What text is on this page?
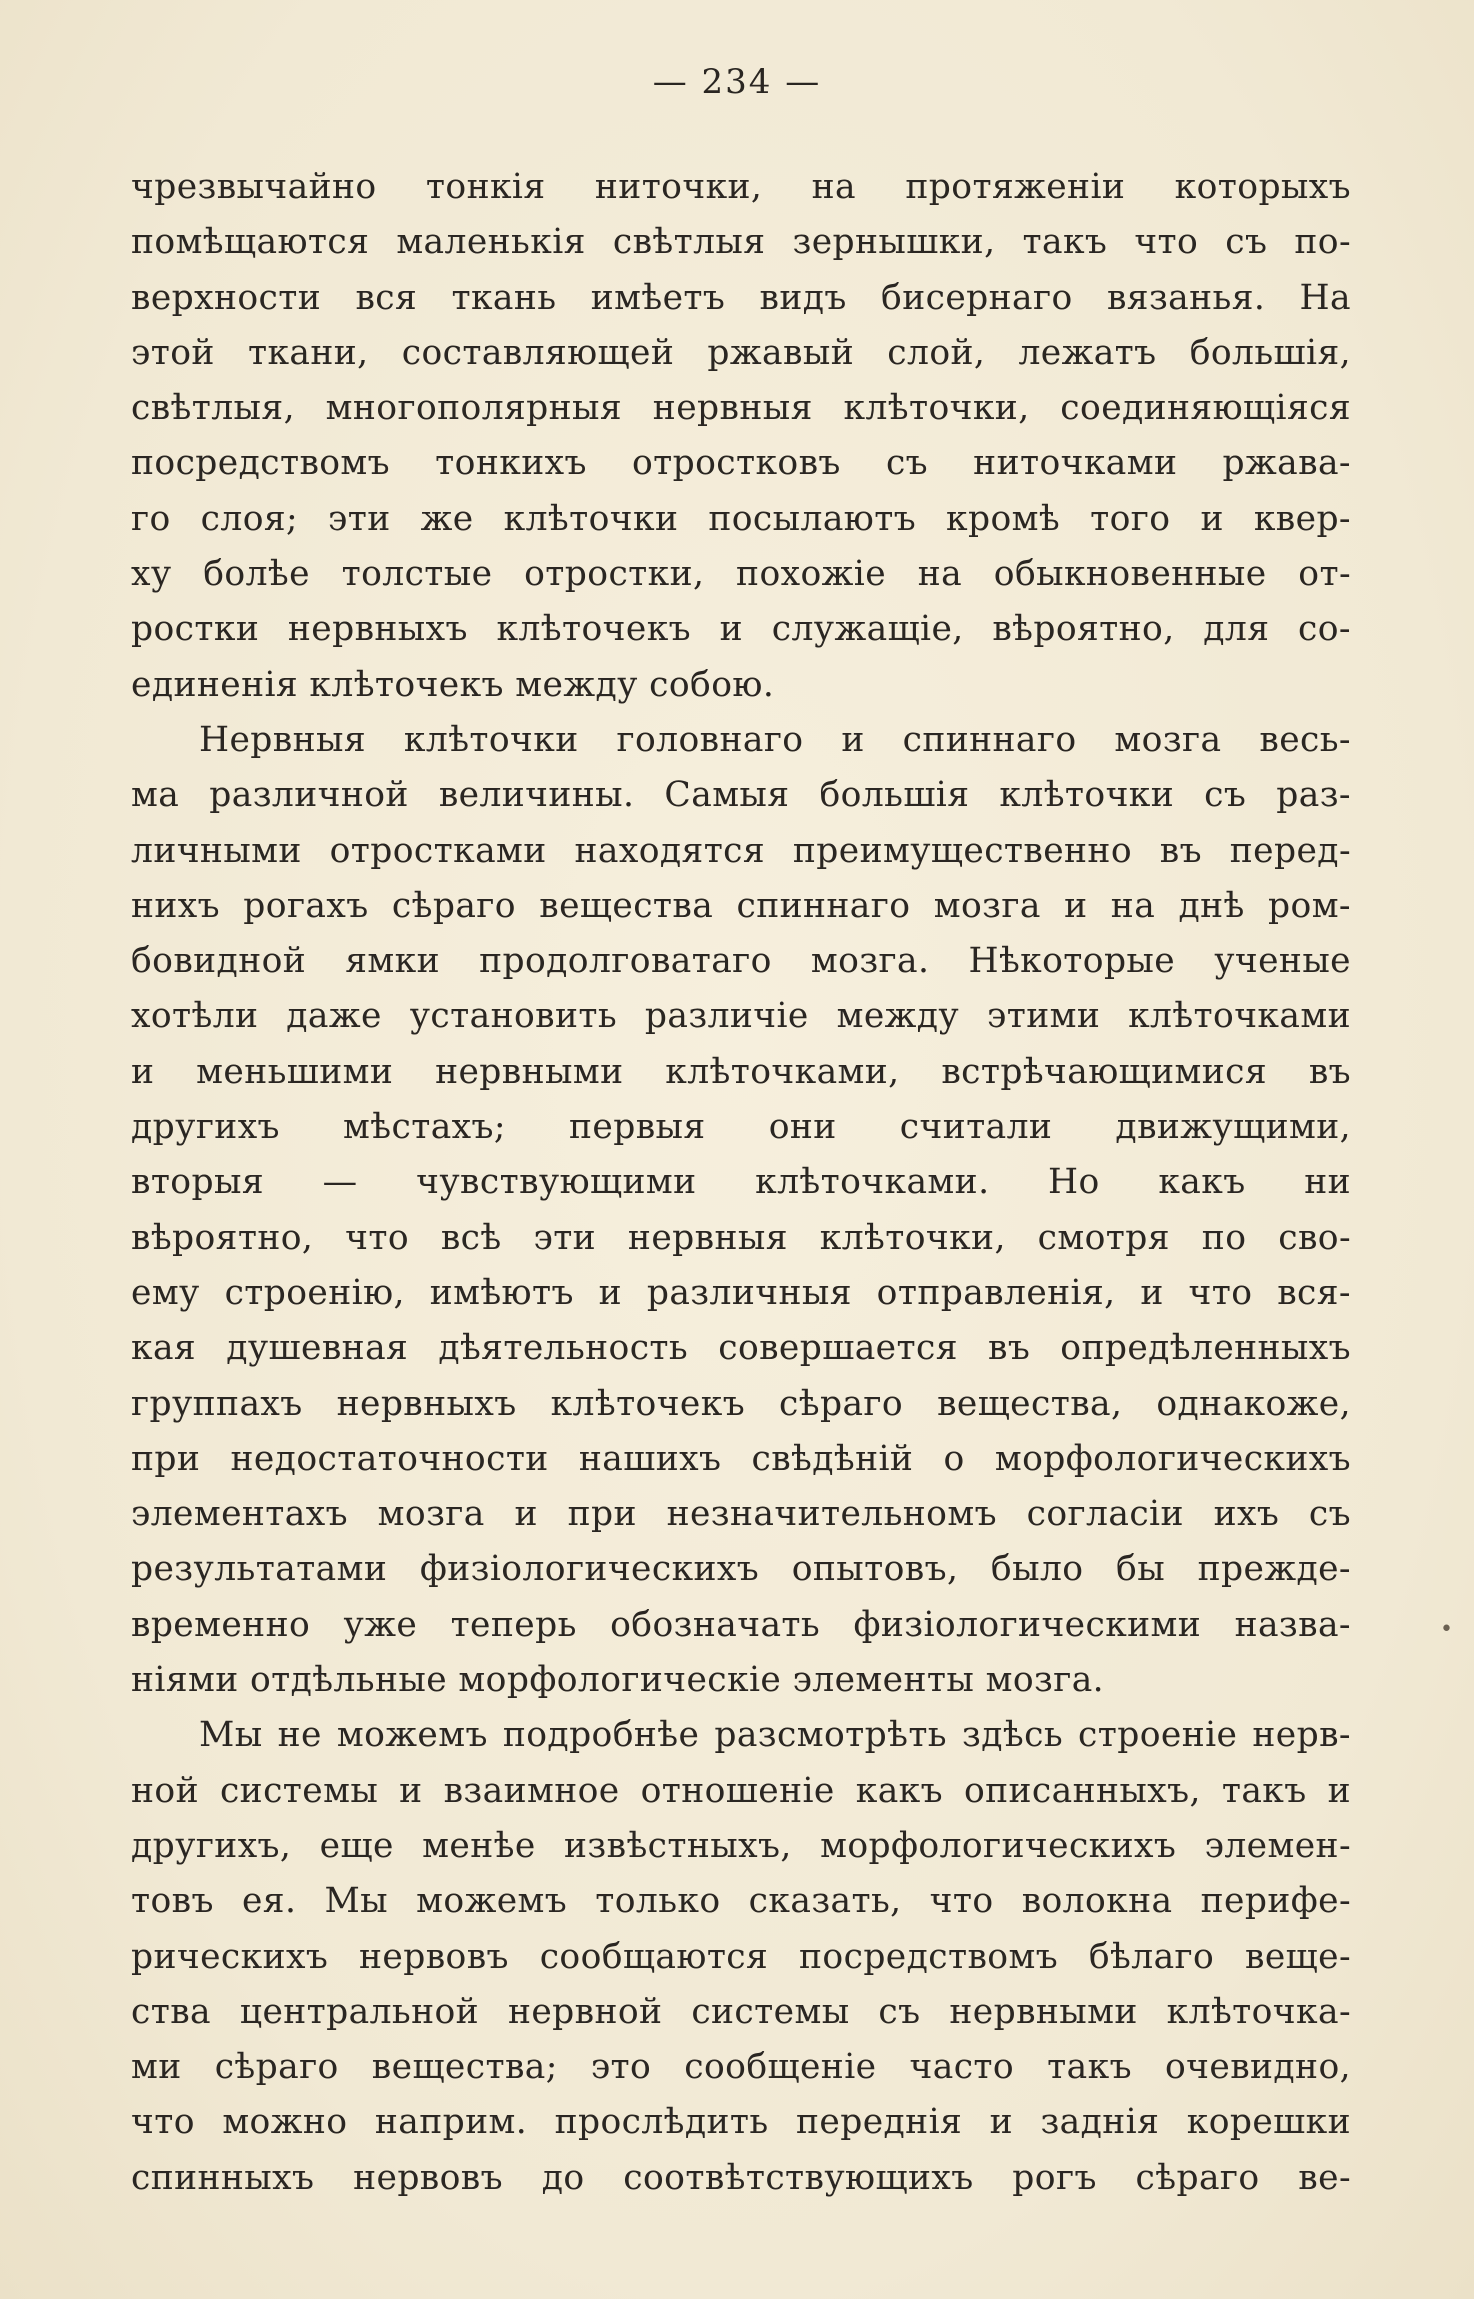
— 234 —
чрезвычайно тонкія ниточки, на протяженіи которыхъ
помѣщаются маленькія свѣтлыя зернышки, такъ что съ по-
верхности вся ткань имѣетъ видъ бисернаго вязанья. На
этой ткани, составляющей ржавый слой, лежатъ большія,
свѣтлыя, многополярныя нервныя клѣточки, соединяющіяся
посредствомъ тонкихъ отростковъ съ ниточками ржава-
го слоя; эти же клѣточки посылаютъ кромѣ того и квер-
ху болѣе толстые отростки, похожіе на обыкновенные от-
ростки нервныхъ клѣточекъ и служащіе, вѣроятно, для со-
единенія клѣточекъ между собою.
Нервныя клѣточки головнаго и спиннаго мозга весь-
ма различной величины. Самыя большія клѣточки съ раз-
личными отростками находятся преимущественно въ перед-
нихъ рогахъ сѣраго вещества спиннаго мозга и на днѣ ром-
бовидной ямки продолговатаго мозга. Нѣкоторые ученые
хотѣли даже установить различіе между этими клѣточками
и меньшими нервными клѣточками, встрѣчающимися въ
другихъ мѣстахъ; первыя они считали движущими,
вторыя — чувствующими клѣточками. Но какъ ни
вѣроятно, что всѣ эти нервныя клѣточки, смотря по сво-
ему строенію, имѣютъ и различныя отправленія, и что вся-
кая душевная дѣятельность совершается въ опредѣленныхъ
группахъ нервныхъ клѣточекъ сѣраго вещества, однакоже,
при недостаточности нашихъ свѣдѣній о морфологическихъ
элементахъ мозга и при незначительномъ согласіи ихъ съ
результатами физіологическихъ опытовъ, было бы прежде-
временно уже теперь обозначать физіологическими назва-
ніями отдѣльные морфологическіе элементы мозга.
Мы не можемъ подробнѣе разсмотрѣть здѣсь строеніе нерв-
ной системы и взаимное отношеніе какъ описанныхъ, такъ и
другихъ, еще менѣе извѣстныхъ, морфологическихъ элемен-
товъ ея. Мы можемъ только сказать, что волокна перифе-
рическихъ нервовъ сообщаются посредствомъ бѣлаго веще-
ства центральной нервной системы съ нервными клѣточка-
ми сѣраго вещества; это сообщеніе часто такъ очевидно,
что можно наприм. прослѣдить переднія и заднія корешки
спинныхъ нервовъ до соотвѣтствующихъ рогъ сѣраго ве-
•
